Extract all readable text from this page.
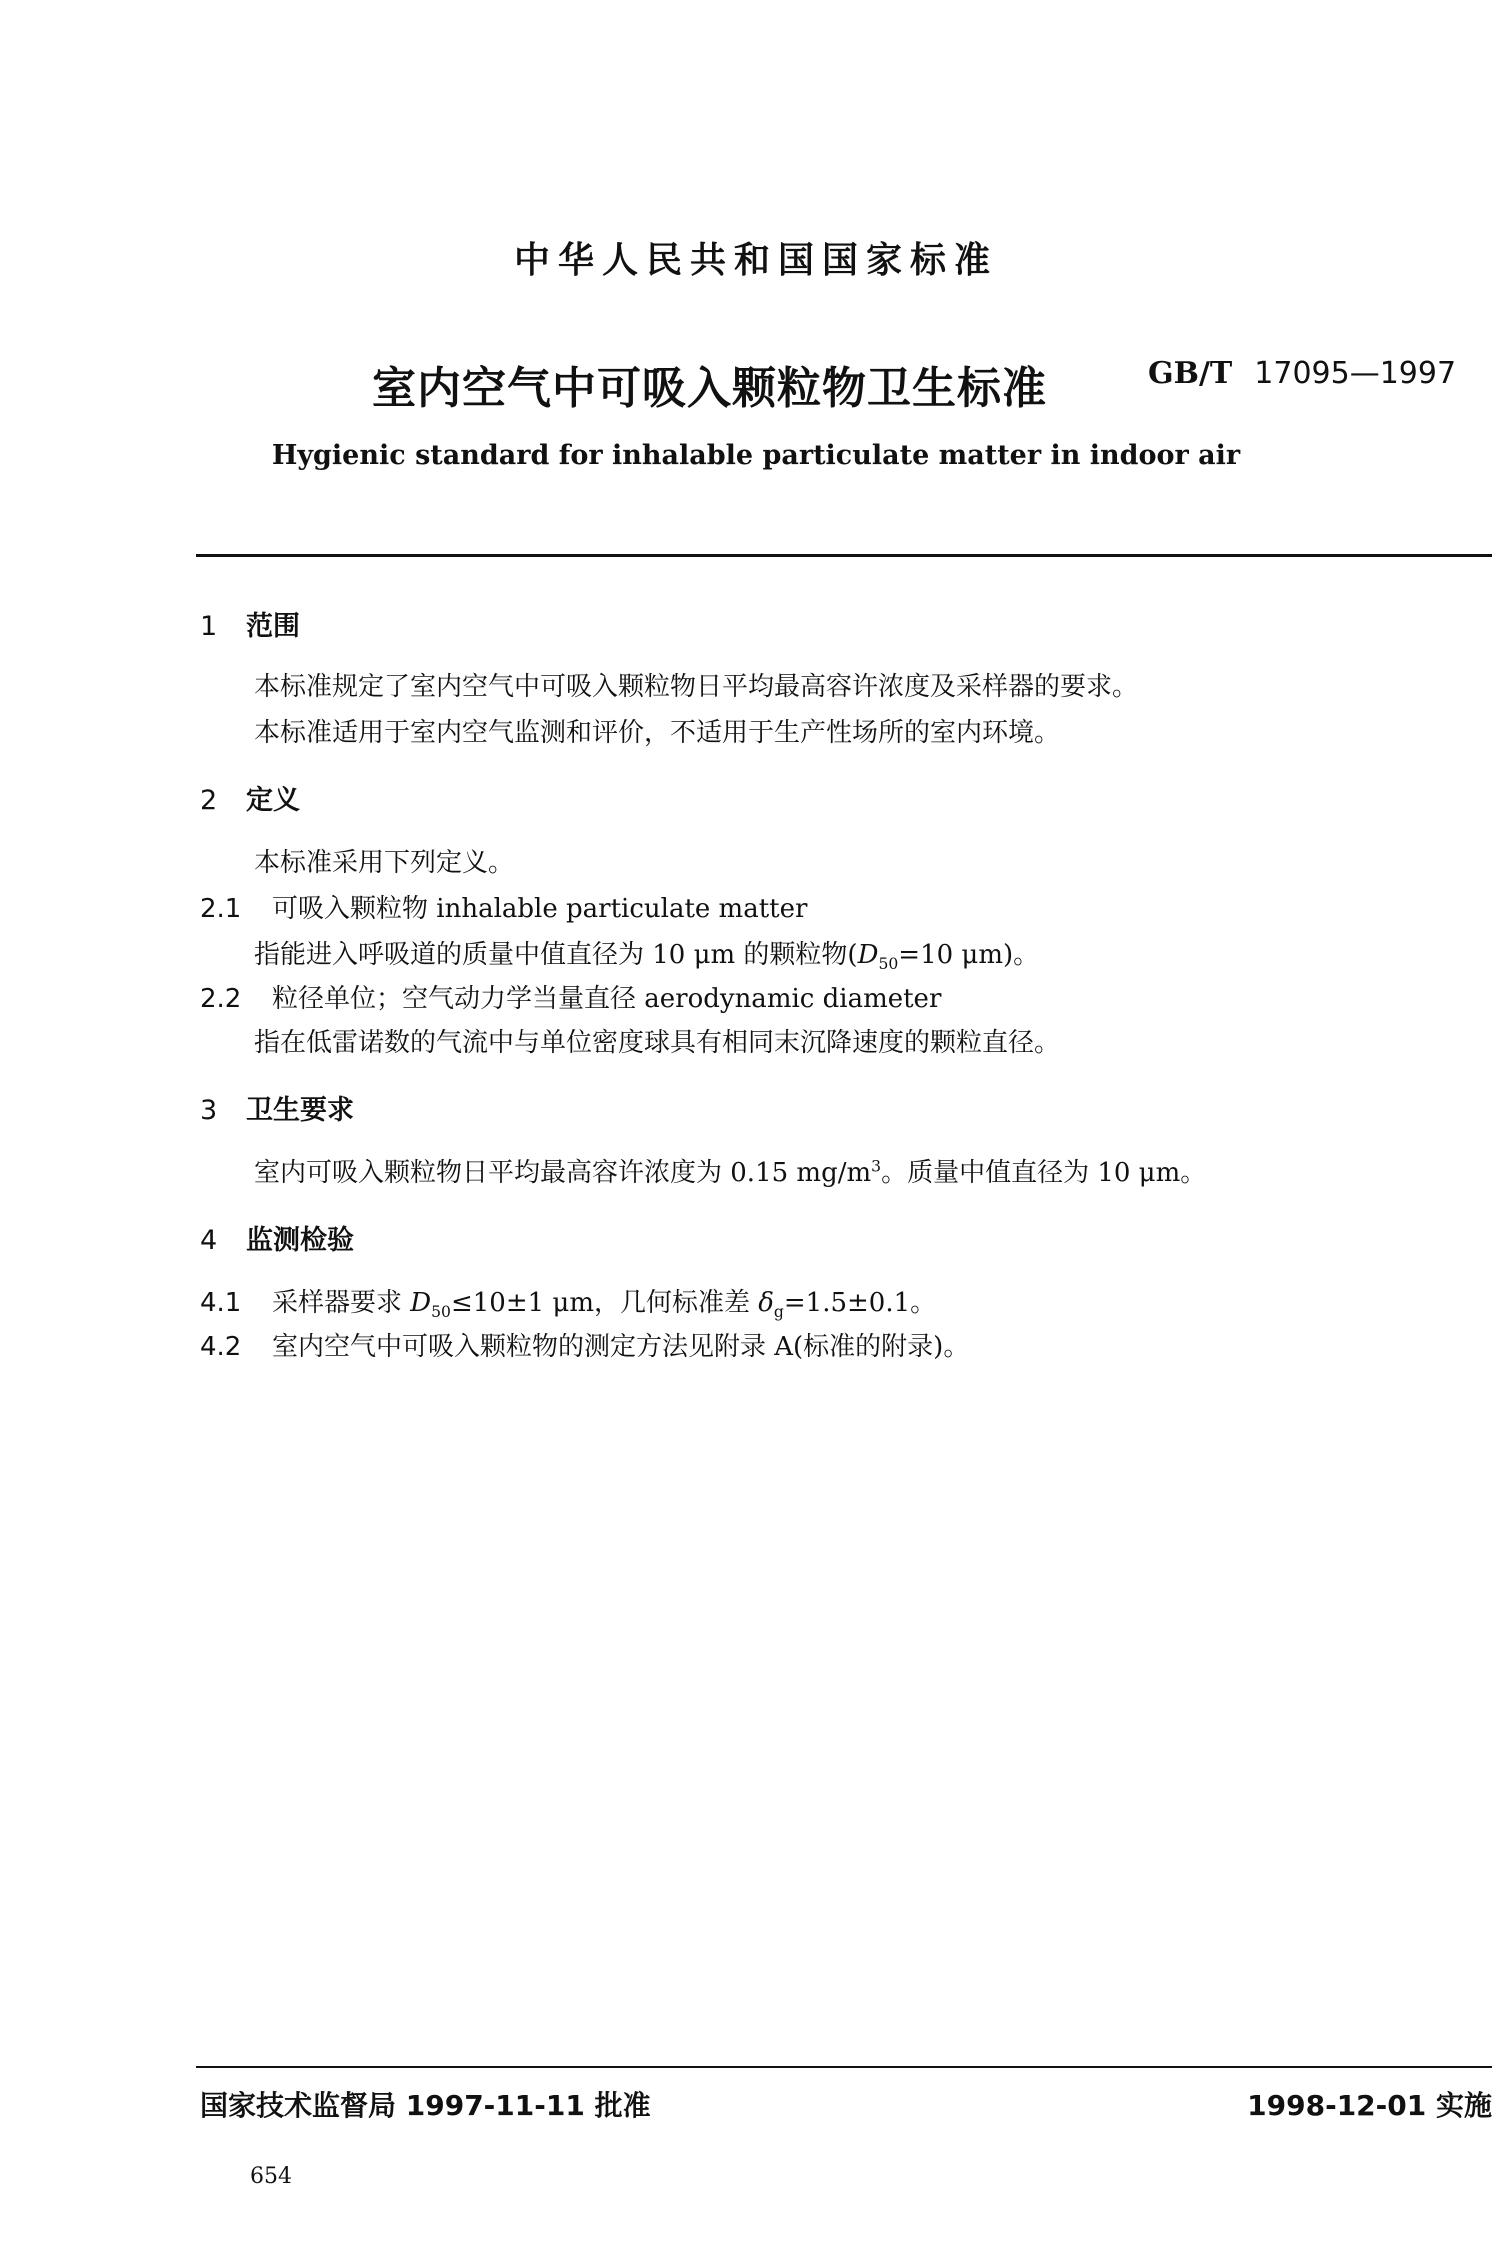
中华人民共和国国家标准
室内空气中可吸入颗粒物卫生标准	GB/T 17095—1997
Hygienic standard for inhalable particulate matter in indoor air
1 范围
本标准规定了室内空气中可吸入颗粒物日平均最高容许浓度及采样器的要求。
本标准适用于室内空气监测和评价，不适用于生产性场所的室内环境。
2 定义
本标准采用下列定义。
2.1 可吸入颗粒物 inhalable particulate matter
指能进入呼吸道的质量中值直径为 10 μm 的颗粒物($D_{50}=10$ μm)。
2.2 粒径单位；空气动力学当量直径 aerodynamic diameter
指在低雷诺数的气流中与单位密度球具有相同末沉降速度的颗粒直径。
3 卫生要求
室内可吸入颗粒物日平均最高容许浓度为 0.15 $mg/m^3$。质量中值直径为 10 μm。
4 监测检验
4.1 采样器要求 $D_{50}\le 10\pm 1$ μm，几何标准差 $\delta_g=1.5\pm 0.1$。
4.2 室内空气中可吸入颗粒物的测定方法见附录 A(标准的附录)。
国家技术监督局 1997-11-11 批准	1998-12-01 实施
654
